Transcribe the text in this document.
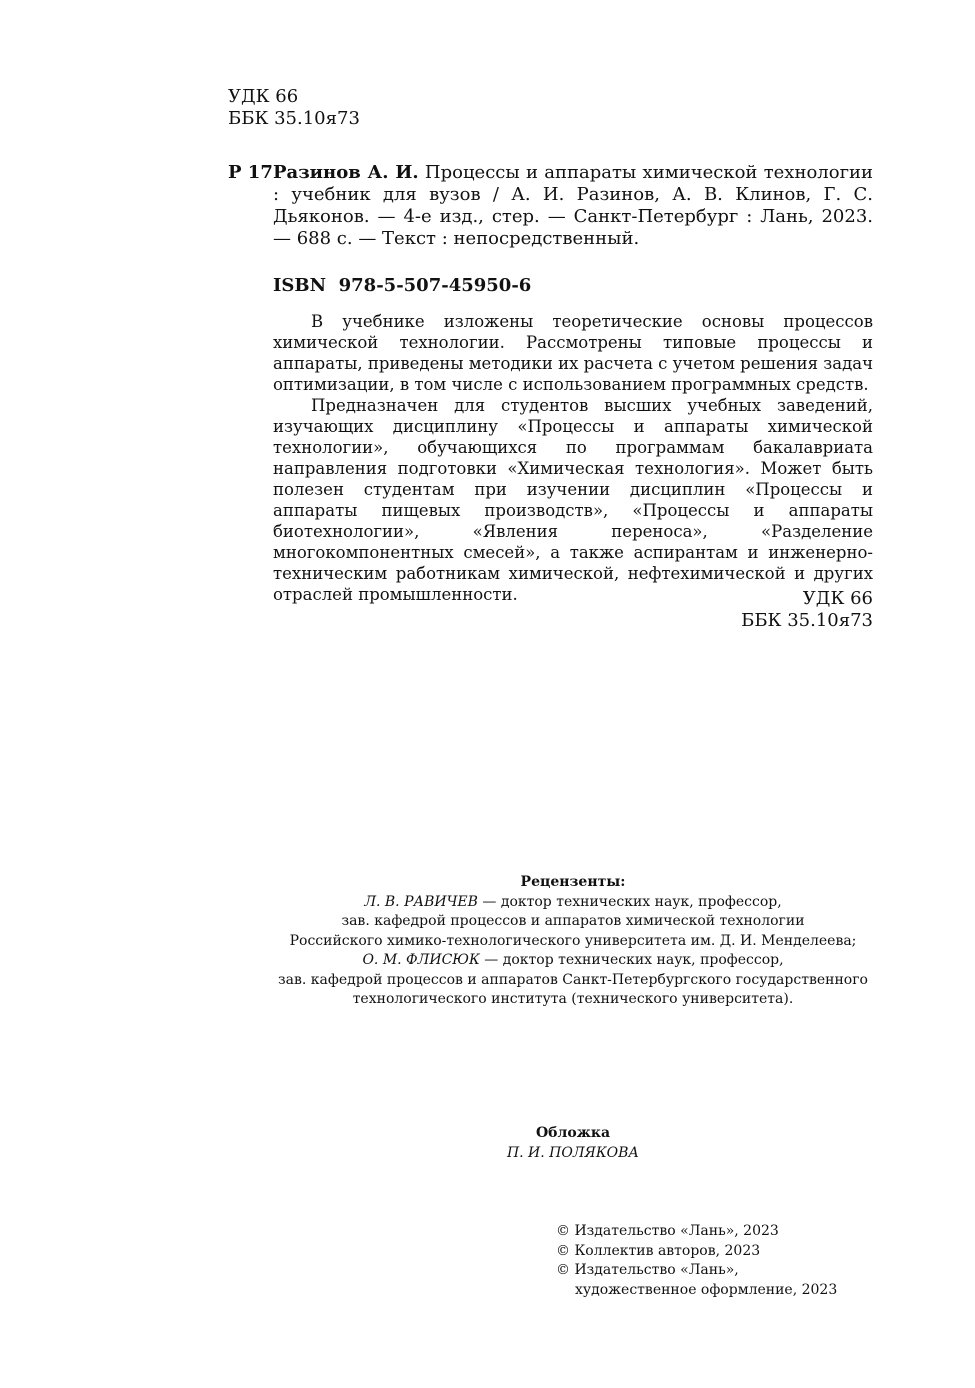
УДК 66
ББК 35.10я73
Р 17 Разинов А. И. Процессы и аппараты химической технологии : учебник для вузов / А. И. Разинов, А. В. Клинов, Г. С. Дьяконов. — 4-е изд., стер. — Санкт-Петербург : Лань, 2023. — 688 с. — Текст : непосредственный.
ISBN  978-5-507-45950-6
В учебнике изложены теоретические основы процессов химической технологии. Рассмотрены типовые процессы и аппараты, приведены методики их расчета с учетом решения задач оптимизации, в том числе с использованием программных средств.
Предназначен для студентов высших учебных заведений, изучающих дисциплину «Процессы и аппараты химической технологии», обучающихся по программам бакалавриата направления подготовки «Химическая технология». Может быть полезен студентам при изучении дисциплин «Процессы и аппараты пищевых производств», «Процессы и аппараты биотехнологии», «Явления переноса», «Разделение многокомпонентных смесей», а также аспирантам и инженерно-техническим работникам химической, нефтехимической и других отраслей промышленности.	УДК 66
ББК 35.10я73
Рецензенты:
Л. В. РАВИЧЕВ — доктор технических наук, профессор,
зав. кафедрой процессов и аппаратов химической технологии
Российского химико-технологического университета им. Д. И. Менделеева;
О. М. ФЛИСЮК — доктор технических наук, профессор,
зав. кафедрой процессов и аппаратов Санкт-Петербургского государственного
технологического института (технического университета).
Обложка
П. И. ПОЛЯКОВА
© Издательство «Лань», 2023
© Коллектив авторов, 2023
© Издательство «Лань»,
художественное оформление, 2023
